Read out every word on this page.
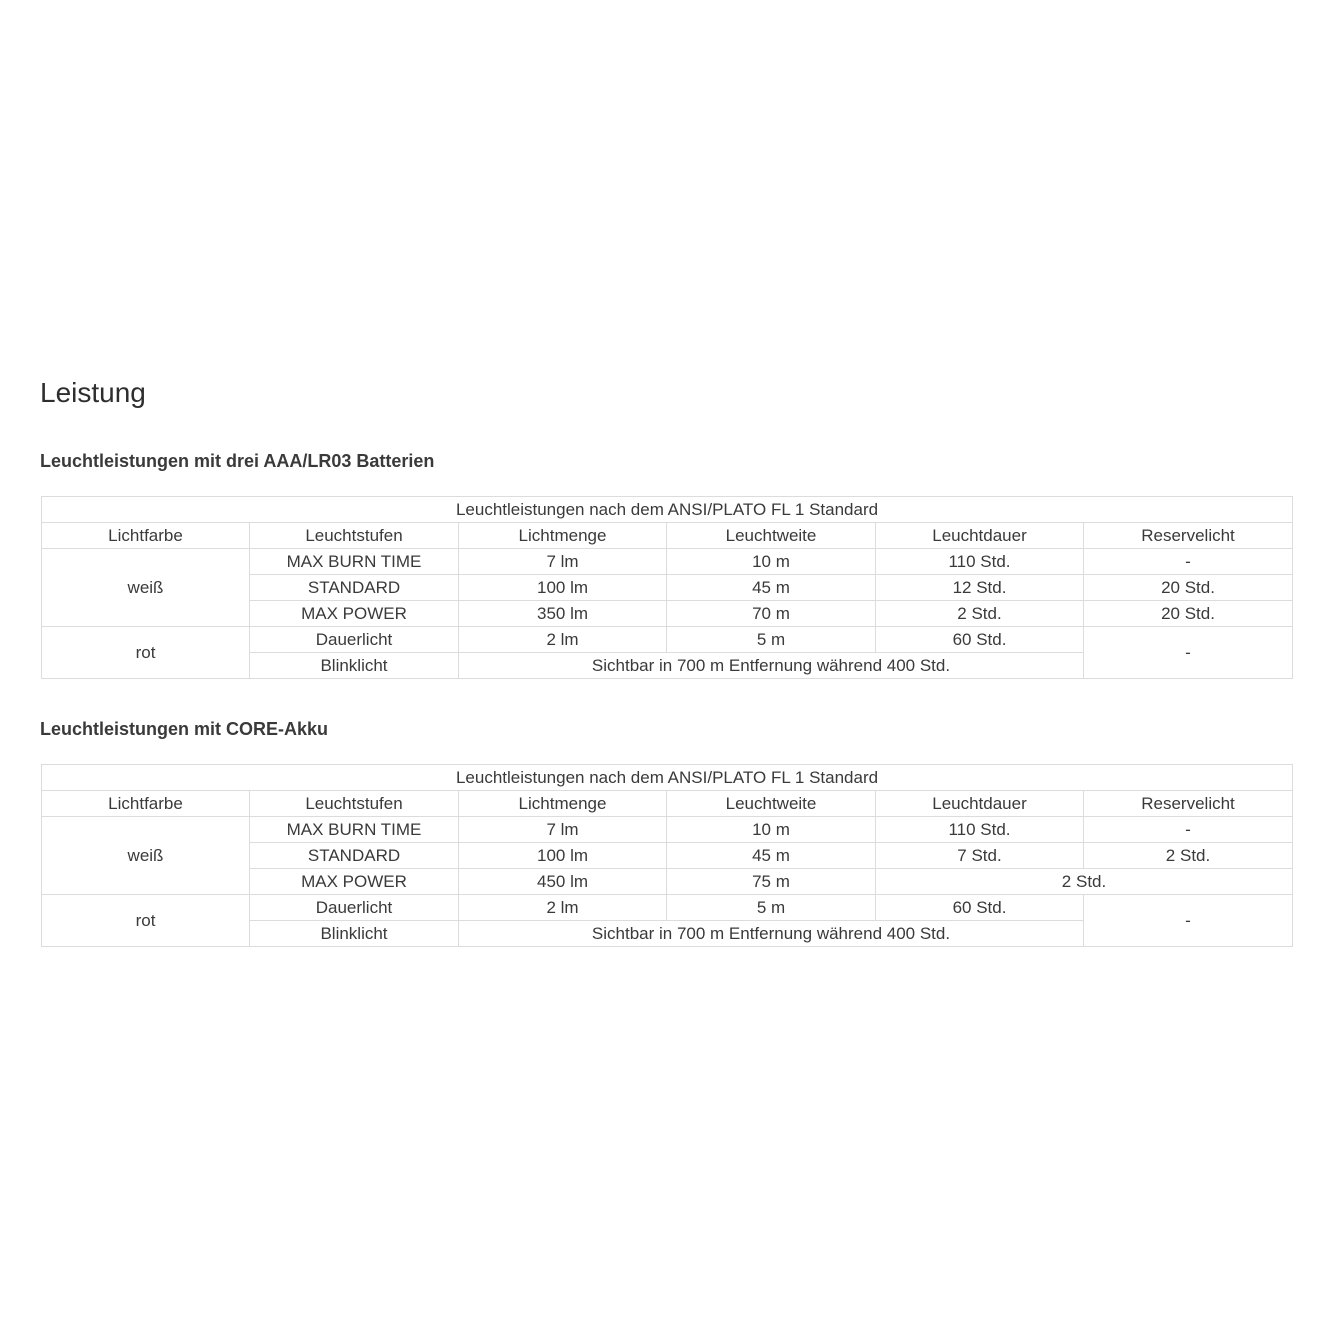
Leistung
Leuchtleistungen mit drei AAA/LR03 Batterien
Leuchtleistungen nach dem ANSI/PLATO FL 1 Standard					
Lichtfarbe	Leuchtstufen	Lichtmenge	Leuchtweite	Leuchtdauer	Reservelicht
weiß	MAX BURN TIME	7 lm	10 m	110 Std.	-
	STANDARD	100 lm	45 m	12 Std.	20 Std.
	MAX POWER	350 lm	70 m	2 Std.	20 Std.
rot	Dauerlicht	2 lm	5 m	60 Std.	-
	Blinklicht	Sichtbar in 700 m Entfernung während 400 Std.			
Leuchtleistungen mit CORE-Akku
Leuchtleistungen nach dem ANSI/PLATO FL 1 Standard					
Lichtfarbe	Leuchtstufen	Lichtmenge	Leuchtweite	Leuchtdauer	Reservelicht
weiß	MAX BURN TIME	7 lm	10 m	110 Std.	-
	STANDARD	100 lm	45 m	7 Std.	2 Std.
	MAX POWER	450 lm	75 m	2 Std.	
rot	Dauerlicht	2 lm	5 m	60 Std.	-
	Blinklicht	Sichtbar in 700 m Entfernung während 400 Std.			
